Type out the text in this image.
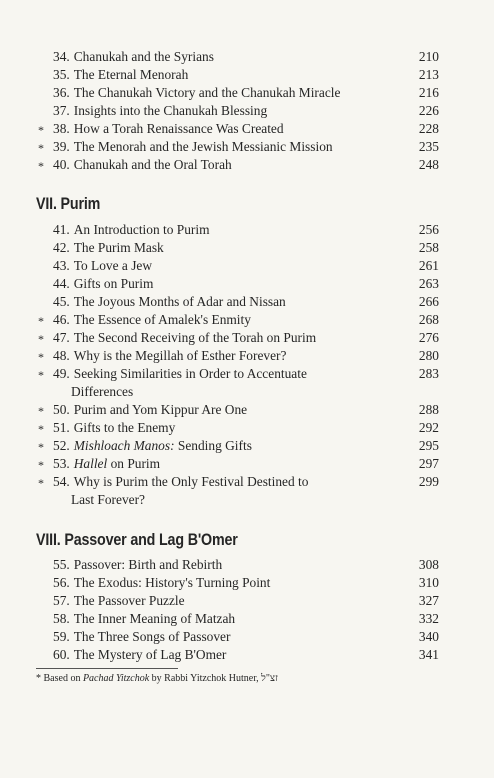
34. Chanukah and the Syrians	210
35. The Eternal Menorah	213
36. The Chanukah Victory and the Chanukah Miracle	216
37. Insights into the Chanukah Blessing	226
* 38. How a Torah Renaissance Was Created	228
* 39. The Menorah and the Jewish Messianic Mission	235
* 40. Chanukah and the Oral Torah	248
VII. Purim
41. An Introduction to Purim	256
42. The Purim Mask	258
43. To Love a Jew	261
44. Gifts on Purim	263
45. The Joyous Months of Adar and Nissan	266
* 46. The Essence of Amalek's Enmity	268
* 47. The Second Receiving of the Torah on Purim	276
* 48. Why is the Megillah of Esther Forever?	280
* 49. Seeking Similarities in Order to Accentuate	283
Differences
* 50. Purim and Yom Kippur Are One	288
* 51. Gifts to the Enemy	292
* 52. Mishloach Manos: Sending Gifts	295
* 53. Hallel on Purim	297
* 54. Why is Purim the Only Festival Destined to	299
Last Forever?
VIII. Passover and Lag B'Omer
55. Passover: Birth and Rebirth	308
56. The Exodus: History's Turning Point	310
57. The Passover Puzzle	327
58. The Inner Meaning of Matzah	332
59. The Three Songs of Passover	340
60. The Mystery of Lag B'Omer	341
* Based on Pachad Yitzchok by Rabbi Yitzchok Hutner, זצ"ל
